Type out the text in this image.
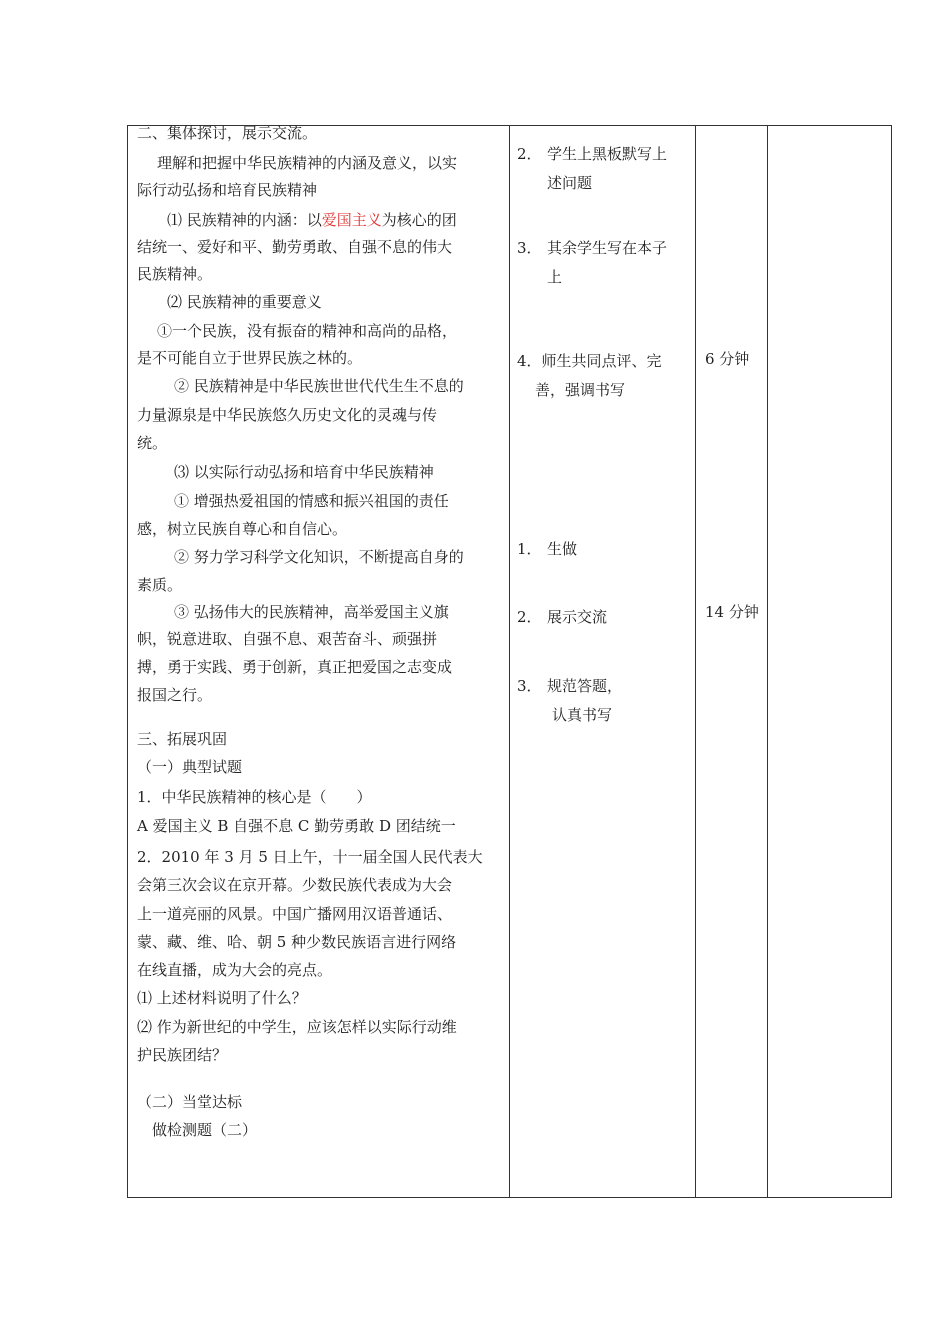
二、集体探讨，展示交流。
理解和把握中华民族精神的内涵及意义，以实
际行动弘扬和培育民族精神
⑴ 民族精神的内涵：以爱国主义为核心的团
结统一、爱好和平、勤劳勇敢、自强不息的伟大
民族精神。
⑵ 民族精神的重要意义
①一个民族，没有振奋的精神和高尚的品格，
是不可能自立于世界民族之林的。
② 民族精神是中华民族世世代代生生不息的
力量源泉是中华民族悠久历史文化的灵魂与传
统。
⑶ 以实际行动弘扬和培育中华民族精神
① 增强热爱祖国的情感和振兴祖国的责任
感，树立民族自尊心和自信心。
② 努力学习科学文化知识，不断提高自身的
素质。
③ 弘扬伟大的民族精神，高举爱国主义旗
帜，锐意进取、自强不息、艰苦奋斗、顽强拼
搏，勇于实践、勇于创新，真正把爱国之志变成
报国之行。
三、拓展巩固
（一）典型试题
1．中华民族精神的核心是（　　）
A 爱国主义 B 自强不息 C 勤劳勇敢 D 团结统一
2．2010 年 3 月 5 日上午，十一届全国人民代表大
会第三次会议在京开幕。少数民族代表成为大会
上一道亮丽的风景。中国广播网用汉语普通话、
蒙、藏、维、哈、朝 5 种少数民族语言进行网络
在线直播，成为大会的亮点。
⑴ 上述材料说明了什么？
⑵ 作为新世纪的中学生，应该怎样以实际行动维
护民族团结？
（二）当堂达标
做检测题（二）
2． 学生上黑板默写上
述问题
3． 其余学生写在本子
上
4．师生共同点评、完
善，强调书写
1． 生做
2． 展示交流
3． 规范答题，
认真书写
6 分钟
14 分钟
